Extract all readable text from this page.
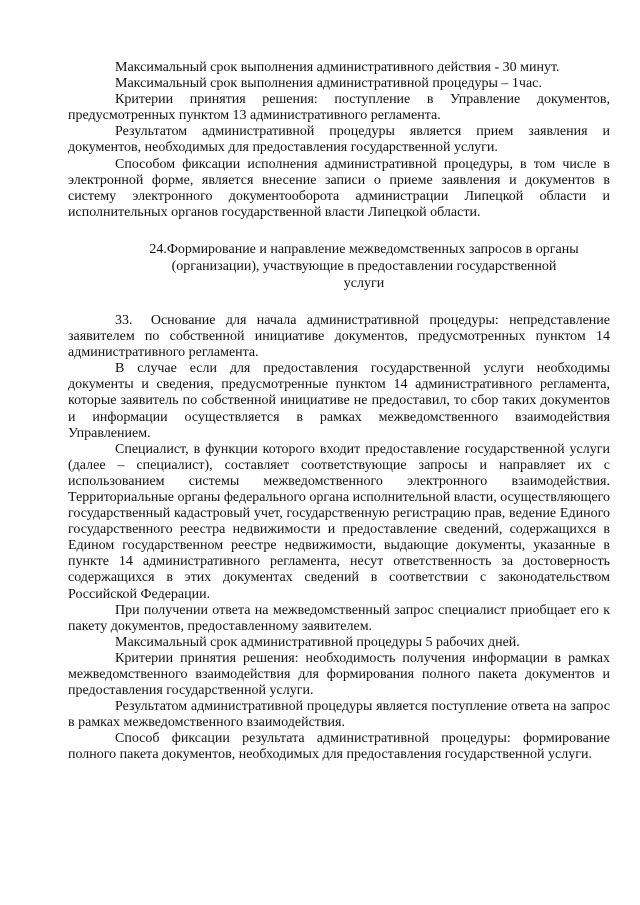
Максимальный срок выполнения административного действия - 30 минут.

Максимальный срок выполнения административной процедуры – 1час.

Критерии принятия решения: поступление в Управление документов, предусмотренных пунктом 13 административного регламента.

Результатом административной процедуры является прием заявления и документов, необходимых для предоставления государственной услуги.

Способом фиксации исполнения административной процедуры, в том числе в электронной форме, является внесение записи о приеме заявления и документов в систему электронного документооборота администрации Липецкой области и исполнительных органов государственной власти Липецкой области.

24.Формирование и направление межведомственных запросов в органы
(организации), участвующие в предоставлении государственной
услуги

33. Основание для начала административной процедуры: непредставление заявителем по собственной инициативе документов, предусмотренных пунктом 14 административного регламента.

В случае если для предоставления государственной услуги необходимы документы и сведения, предусмотренные пунктом 14 административного регламента, которые заявитель по собственной инициативе не предоставил, то сбор таких документов и информации осуществляется в рамках межведомственного взаимодействия Управлением.

Специалист, в функции которого входит предоставление государственной услуги (далее – специалист), составляет соответствующие запросы и направляет их с использованием системы межведомственного электронного взаимодействия. Территориальные органы федерального органа исполнительной власти, осуществляющего государственный кадастровый учет, государственную регистрацию прав, ведение Единого государственного реестра недвижимости и предоставление сведений, содержащихся в Едином государственном реестре недвижимости, выдающие документы, указанные в пункте 14 административного регламента, несут ответственность за достоверность содержащихся в этих документах сведений в соответствии с законодательством Российской Федерации.

При получении ответа на межведомственный запрос специалист приобщает его к пакету документов, предоставленному заявителем.

Максимальный срок административной процедуры 5 рабочих дней.

Критерии принятия решения: необходимость получения информации в рамках межведомственного взаимодействия для формирования полного пакета документов и предоставления государственной услуги.

Результатом административной процедуры является поступление ответа на запрос в рамках межведомственного взаимодействия.

Способ фиксации результата административной процедуры: формирование полного пакета документов, необходимых для предоставления государственной услуги.
